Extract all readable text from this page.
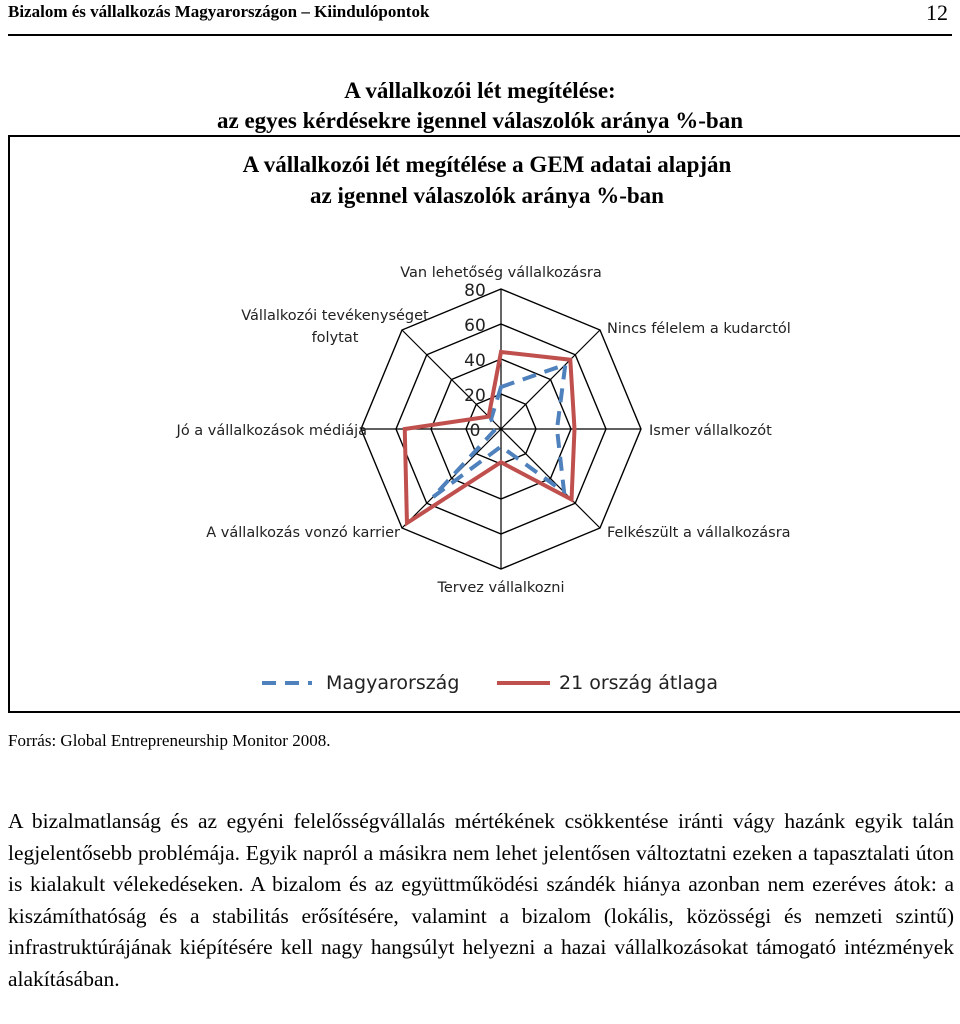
Bizalom és vállalkozás Magyarországon – Kiindulópontok	12
A vállalkozói lét megítélése:
az egyes kérdésekre igennel válaszolók aránya %-ban
A vállalkozói lét megítélése a GEM adatai alapján
az igennel válaszolók aránya %-ban
0
20
40
60
80
Van lehetőség vállalkozásra
Nincs félelem a kudarctól
Ismer vállalkozót
Felkészült a vállalkozásra
Tervez vállalkozni
A vállalkozás vonzó karrier
Jó a vállalkozások médiája
Vállalkozói tevékenységet
folytat
Magyarország	21 ország átlaga
Forrás: Global Entrepreneurship Monitor 2008.
A bizalmatlanság és az egyéni felelősségvállalás mértékének csökkentése iránti vágy hazánk egyik talán legjelentősebb problémája. Egyik napról a másikra nem lehet jelentősen változtatni ezeken a tapasztalati úton is kialakult vélekedéseken. A bizalom és az együttműködési szándék hiánya azonban nem ezeréves átok: a kiszámíthatóság és a stabilitás erősítésére, valamint a bizalom (lokális, közösségi és nemzeti szintű) infrastruktúrájának kiépítésére kell nagy hangsúlyt helyezni a hazai vállalkozásokat támogató intézmények alakításában.
